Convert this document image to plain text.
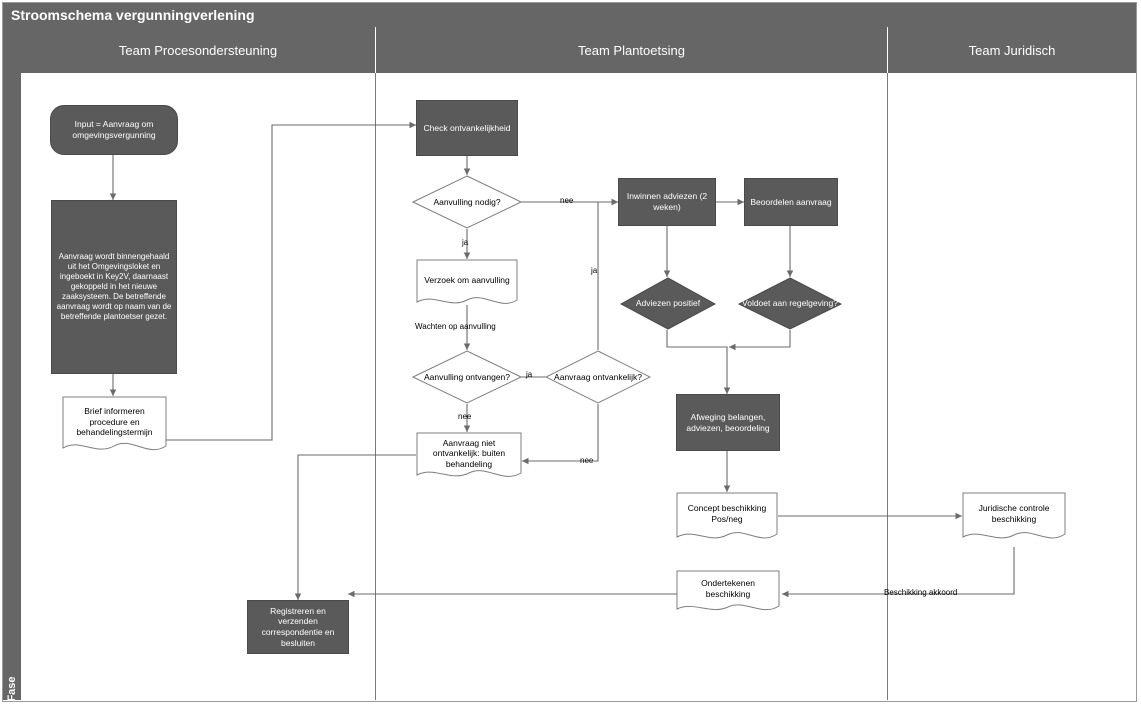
Stroomschema vergunningverlening
Fase
Team Procesondersteuning	Team Plantoetsing	Team Juridisch
nee
ja
ja
Wachten op aanvulling
ja
nee
nee
Beschikking akkoord
Input = Aanvraag om omgevingsvergunning
Aanvraag wordt binnengehaald uit het Omgevingsloket en ingeboekt in Key2V, daarnaast gekoppeld in het nieuwe zaaksysteem. De betreffende aanvraag wordt op naam van de betreffende plantoetser gezet.
Brief informeren procedure en behandelingstermijn
Registreren en verzenden correspondentie en besluiten
Check ontvankelijkheid
Aanvulling nodig?
Verzoek om aanvulling
Aanvulling ontvangen?	Aanvraag ontvankelijk?
Aanvraag niet ontvankelijk: buiten behandeling
Inwinnen adviezen (2 weken)
Beoordelen aanvraag
Adviezen positief	Voldoet aan regelgeving?
Afweging belangen, adviezen, beoordeling
Concept beschikking Pos/neg
Ondertekenen beschikking
Juridische controle beschikking
